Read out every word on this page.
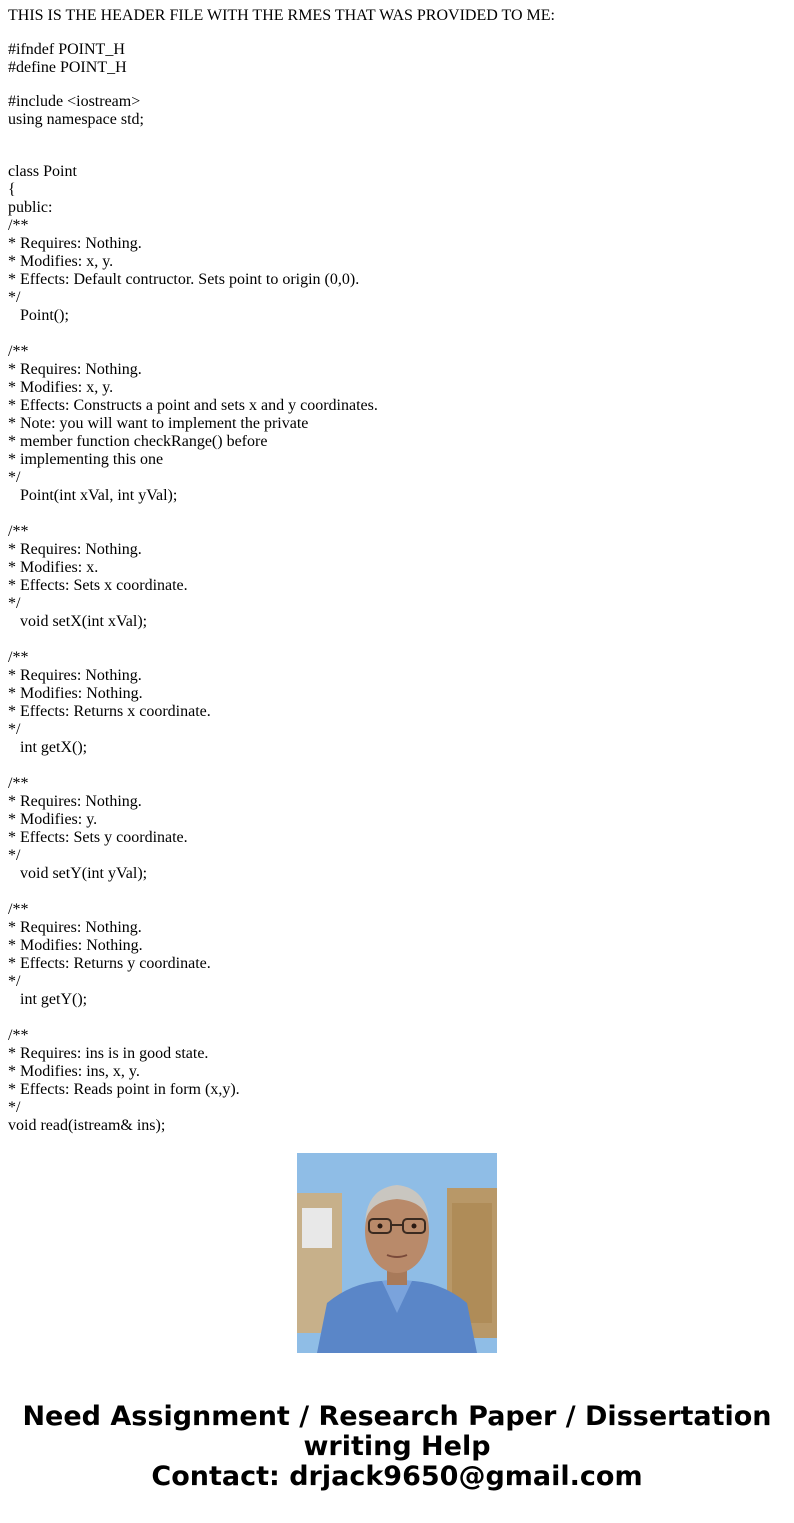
THIS IS THE HEADER FILE WITH THE RMES THAT WAS PROVIDED TO ME:
#ifndef POINT_H
#define POINT_H
#include <iostream>
using namespace std;
class Point
{
public:
/**
* Requires: Nothing.
* Modifies: x, y.
* Effects: Default contructor. Sets point to origin (0,0).
*/
Point();
/**
* Requires: Nothing.
* Modifies: x, y.
* Effects: Constructs a point and sets x and y coordinates.
* Note: you will want to implement the private
* member function checkRange() before
* implementing this one
*/
Point(int xVal, int yVal);
/**
* Requires: Nothing.
* Modifies: x.
* Effects: Sets x coordinate.
*/
void setX(int xVal);
/**
* Requires: Nothing.
* Modifies: Nothing.
* Effects: Returns x coordinate.
*/
int getX();
/**
* Requires: Nothing.
* Modifies: y.
* Effects: Sets y coordinate.
*/
void setY(int yVal);
/**
* Requires: Nothing.
* Modifies: Nothing.
* Effects: Returns y coordinate.
*/
int getY();
/**
* Requires: ins is in good state.
* Modifies: ins, x, y.
* Effects: Reads point in form (x,y).
*/
void read(istream& ins);
Need Assignment / Research Paper / Dissertation
writing Help
Contact: drjack9650@gmail.com
